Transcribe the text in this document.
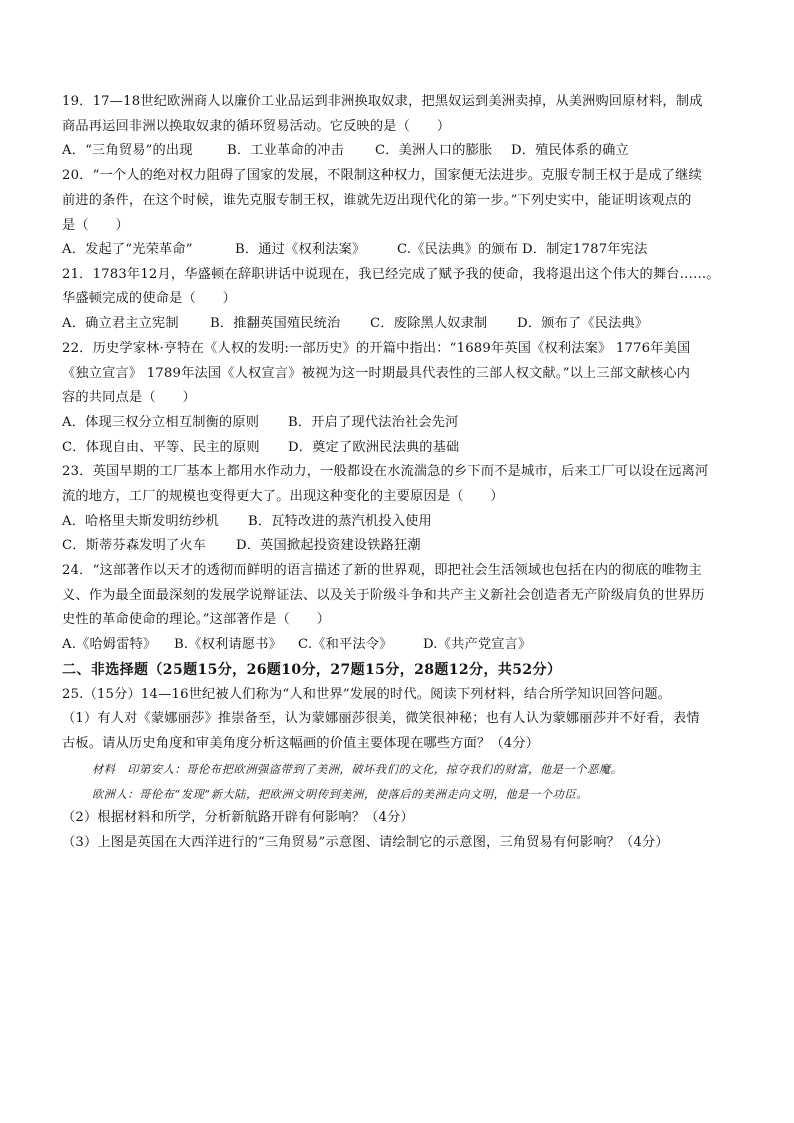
19．17—18世纪欧洲商人以廉价工业品运到非洲换取奴隶，把黑奴运到美洲卖掉，从美洲购回原材料，制成
商品再运回非洲以换取奴隶的循环贸易活动。它反映的是（　　）
A．“三角贸易”的出现	B．工业革命的冲击 C．美洲人口的膨胀 D．殖民体系的确立
20．“一个人的绝对权力阻碍了国家的发展，不限制这种权力，国家便无法进步。克服专制王权于是成了继续
前进的条件，在这个时候，谁先克服专制王权，谁就先迈出现代化的第一步。”下列史实中，能证明该观点的
是（　　）
A．发起了“光荣革命”	B．通过《权利法案》 C.《民法典》的颁布 D．制定1787年宪法
21．1783年12月，华盛顿在辞职讲话中说现在，我已经完成了赋予我的使命，我将退出这个伟大的舞台……。
华盛顿完成的使命是（　　）
A．确立君主立宪制 B．推翻英国殖民统治 C．废除黑人奴隶制 D．颁布了《民法典》
22．历史学家林·亨特在《人权的发明:一部历史》的开篇中指出：“1689年英国《权利法案》 1776年美国
《独立宣言》 1789年法国《人权宣言》被视为这一时期最具代表性的三部人权文献。”以上三部文献核心内
容的共同点是（　　）
A．体现三权分立相互制衡的原则 B．开启了现代法治社会先河
C．体现自由、平等、民主的原则 D．奠定了欧洲民法典的基础
23．英国早期的工厂基本上都用水作动力，一般都设在水流湍急的乡下而不是城市，后来工厂可以设在远离河
流的地方，工厂的规模也变得更大了。出现这种变化的主要原因是（　　）
A．哈格里夫斯发明纺纱机 B．瓦特改进的蒸汽机投入使用
C．斯蒂芬森发明了火车 D．英国掀起投资建设铁路狂潮
24．“这部著作以天才的透彻而鲜明的语言描述了新的世界观，即把社会生活领域也包括在内的彻底的唯物主
义、作为最全面最深刻的发展学说辩证法、以及关于阶级斗争和共产主义新社会创造者无产阶级肩负的世界历
史性的革命使命的理论。”这部著作是（　　）
A.《哈姆雷特》 B.《权利请愿书》 C.《和平法令》 D.《共产党宣言》
二、非选择题（25题15分，26题10分，27题15分，28题12分，共52分）
25.（15分）14—16世纪被人们称为“人和世界”发展的时代。阅读下列材料，结合所学知识回答问题。
（1）有人对《蒙娜丽莎》推崇备至，认为蒙娜丽莎很美，微笑很神秘；也有人认为蒙娜丽莎并不好看，表情
古板。请从历史角度和审美角度分析这幅画的价值主要体现在哪些方面？（4分）
材料　印第安人：哥伦布把欧洲强盗带到了美洲，破坏我们的文化，掠夺我们的财富，他是一个恶魔。
欧洲人：哥伦布“发现”新大陆，把欧洲文明传到美洲，使落后的美洲走向文明，他是一个功臣。
（2）根据材料和所学，分析新航路开辟有何影响？（4分）
（3）上图是英国在大西洋进行的“三角贸易”示意图、请绘制它的示意图，三角贸易有何影响？（4分）
